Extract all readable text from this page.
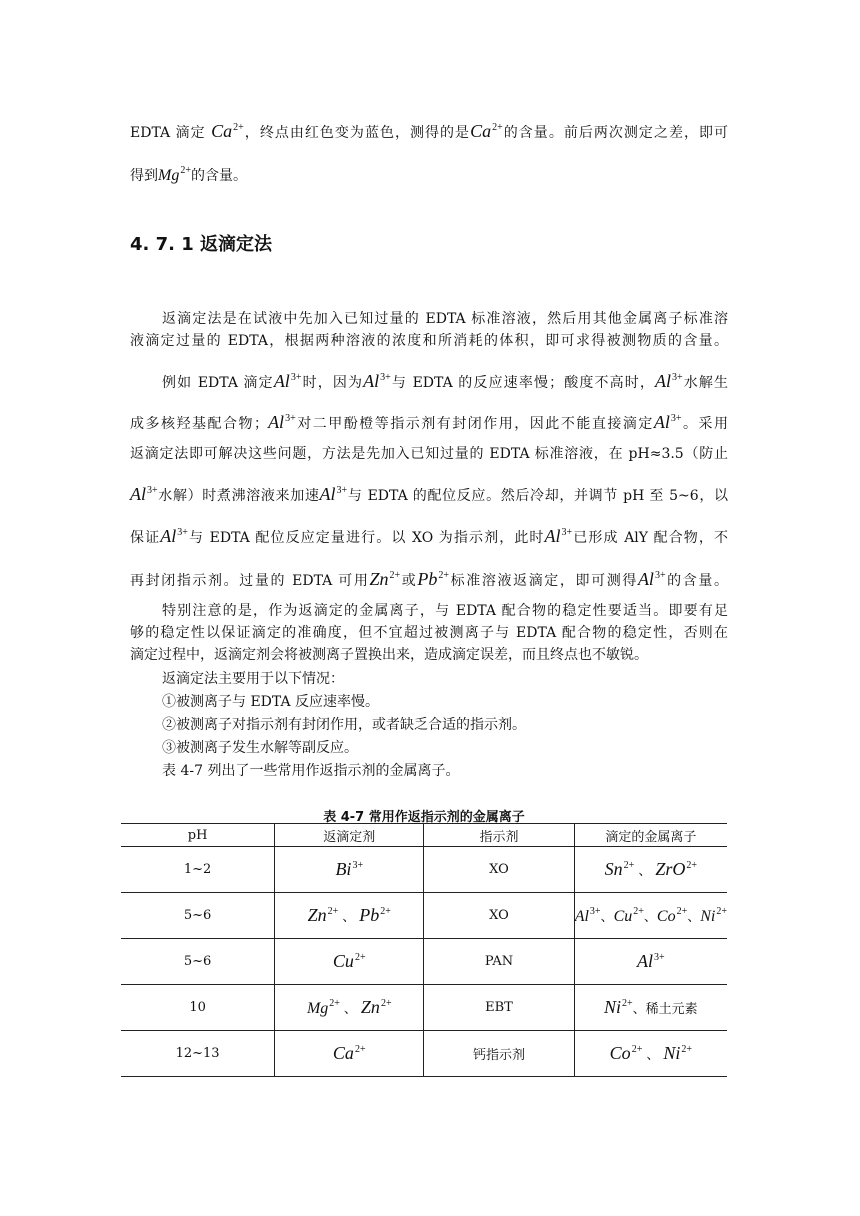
EDTA 滴定 $Ca^{2+}$，终点由红色变为蓝色，测得的是$Ca^{2+}$的含量。前后两次测定之差，即可

得到$Mg^{2+}$的含量。

4. 7. 1 返滴定法

返滴定法是在试液中先加入已知过量的 EDTA 标准溶液，然后用其他金属离子标准溶

液滴定过量的 EDTA，根据两种溶液的浓度和所消耗的体积，即可求得被测物质的含量。

例如 EDTA 滴定$Al^{3+}$时，因为$Al^{3+}$与 EDTA 的反应速率慢；酸度不高时，$Al^{3+}$水解生

成多核羟基配合物；$Al^{3+}$对二甲酚橙等指示剂有封闭作用，因此不能直接滴定$Al^{3+}$。采用

返滴定法即可解决这些问题，方法是先加入已知过量的 EDTA 标准溶液，在 pH≈3.5（防止

$Al^{3+}$水解）时煮沸溶液来加速$Al^{3+}$与 EDTA 的配位反应。然后冷却，并调节 pH 至 5~6，以

保证$Al^{3+}$与 EDTA 配位反应定量进行。以 XO 为指示剂，此时$Al^{3+}$已形成 AlY 配合物，不

再封闭指示剂。过量的 EDTA 可用$Zn^{2+}$或$Pb^{2+}$标准溶液返滴定，即可测得$Al^{3+}$的含量。

特别注意的是，作为返滴定的金属离子，与 EDTA 配合物的稳定性要适当。即要有足

够的稳定性以保证滴定的准确度，但不宜超过被测离子与 EDTA 配合物的稳定性，否则在

滴定过程中，返滴定剂会将被测离子置换出来，造成滴定误差，而且终点也不敏锐。

返滴定法主要用于以下情况：

①被测离子与 EDTA 反应速率慢。

②被测离子对指示剂有封闭作用，或者缺乏合适的指示剂。

③被测离子发生水解等副反应。

表 4-7 列出了一些常用作返指示剂的金属离子。

表 4-7 常用作返指示剂的金属离子
pH	返滴定剂	指示剂	滴定的金属离子
1~2	$Bi^{3+}$	XO	$Sn^{2+}$ 、 ZrO$^{2+}$
5~6	$Zn^{2+}$ 、 $Pb^{2+}$	XO	$Al^{3+}$、$Cu^{2+}$、$Co^{2+}$、$Ni^{2+}$
5~6	$Cu^{2+}$	PAN	$Al^{3+}$
10	$Mg^{2+}$ 、 $Zn^{2+}$	EBT	$Ni^{2+}$、稀土元素
12~13	$Ca^{2+}$	钙指示剂	$Co^{2+}$ 、 $Ni^{2+}$
